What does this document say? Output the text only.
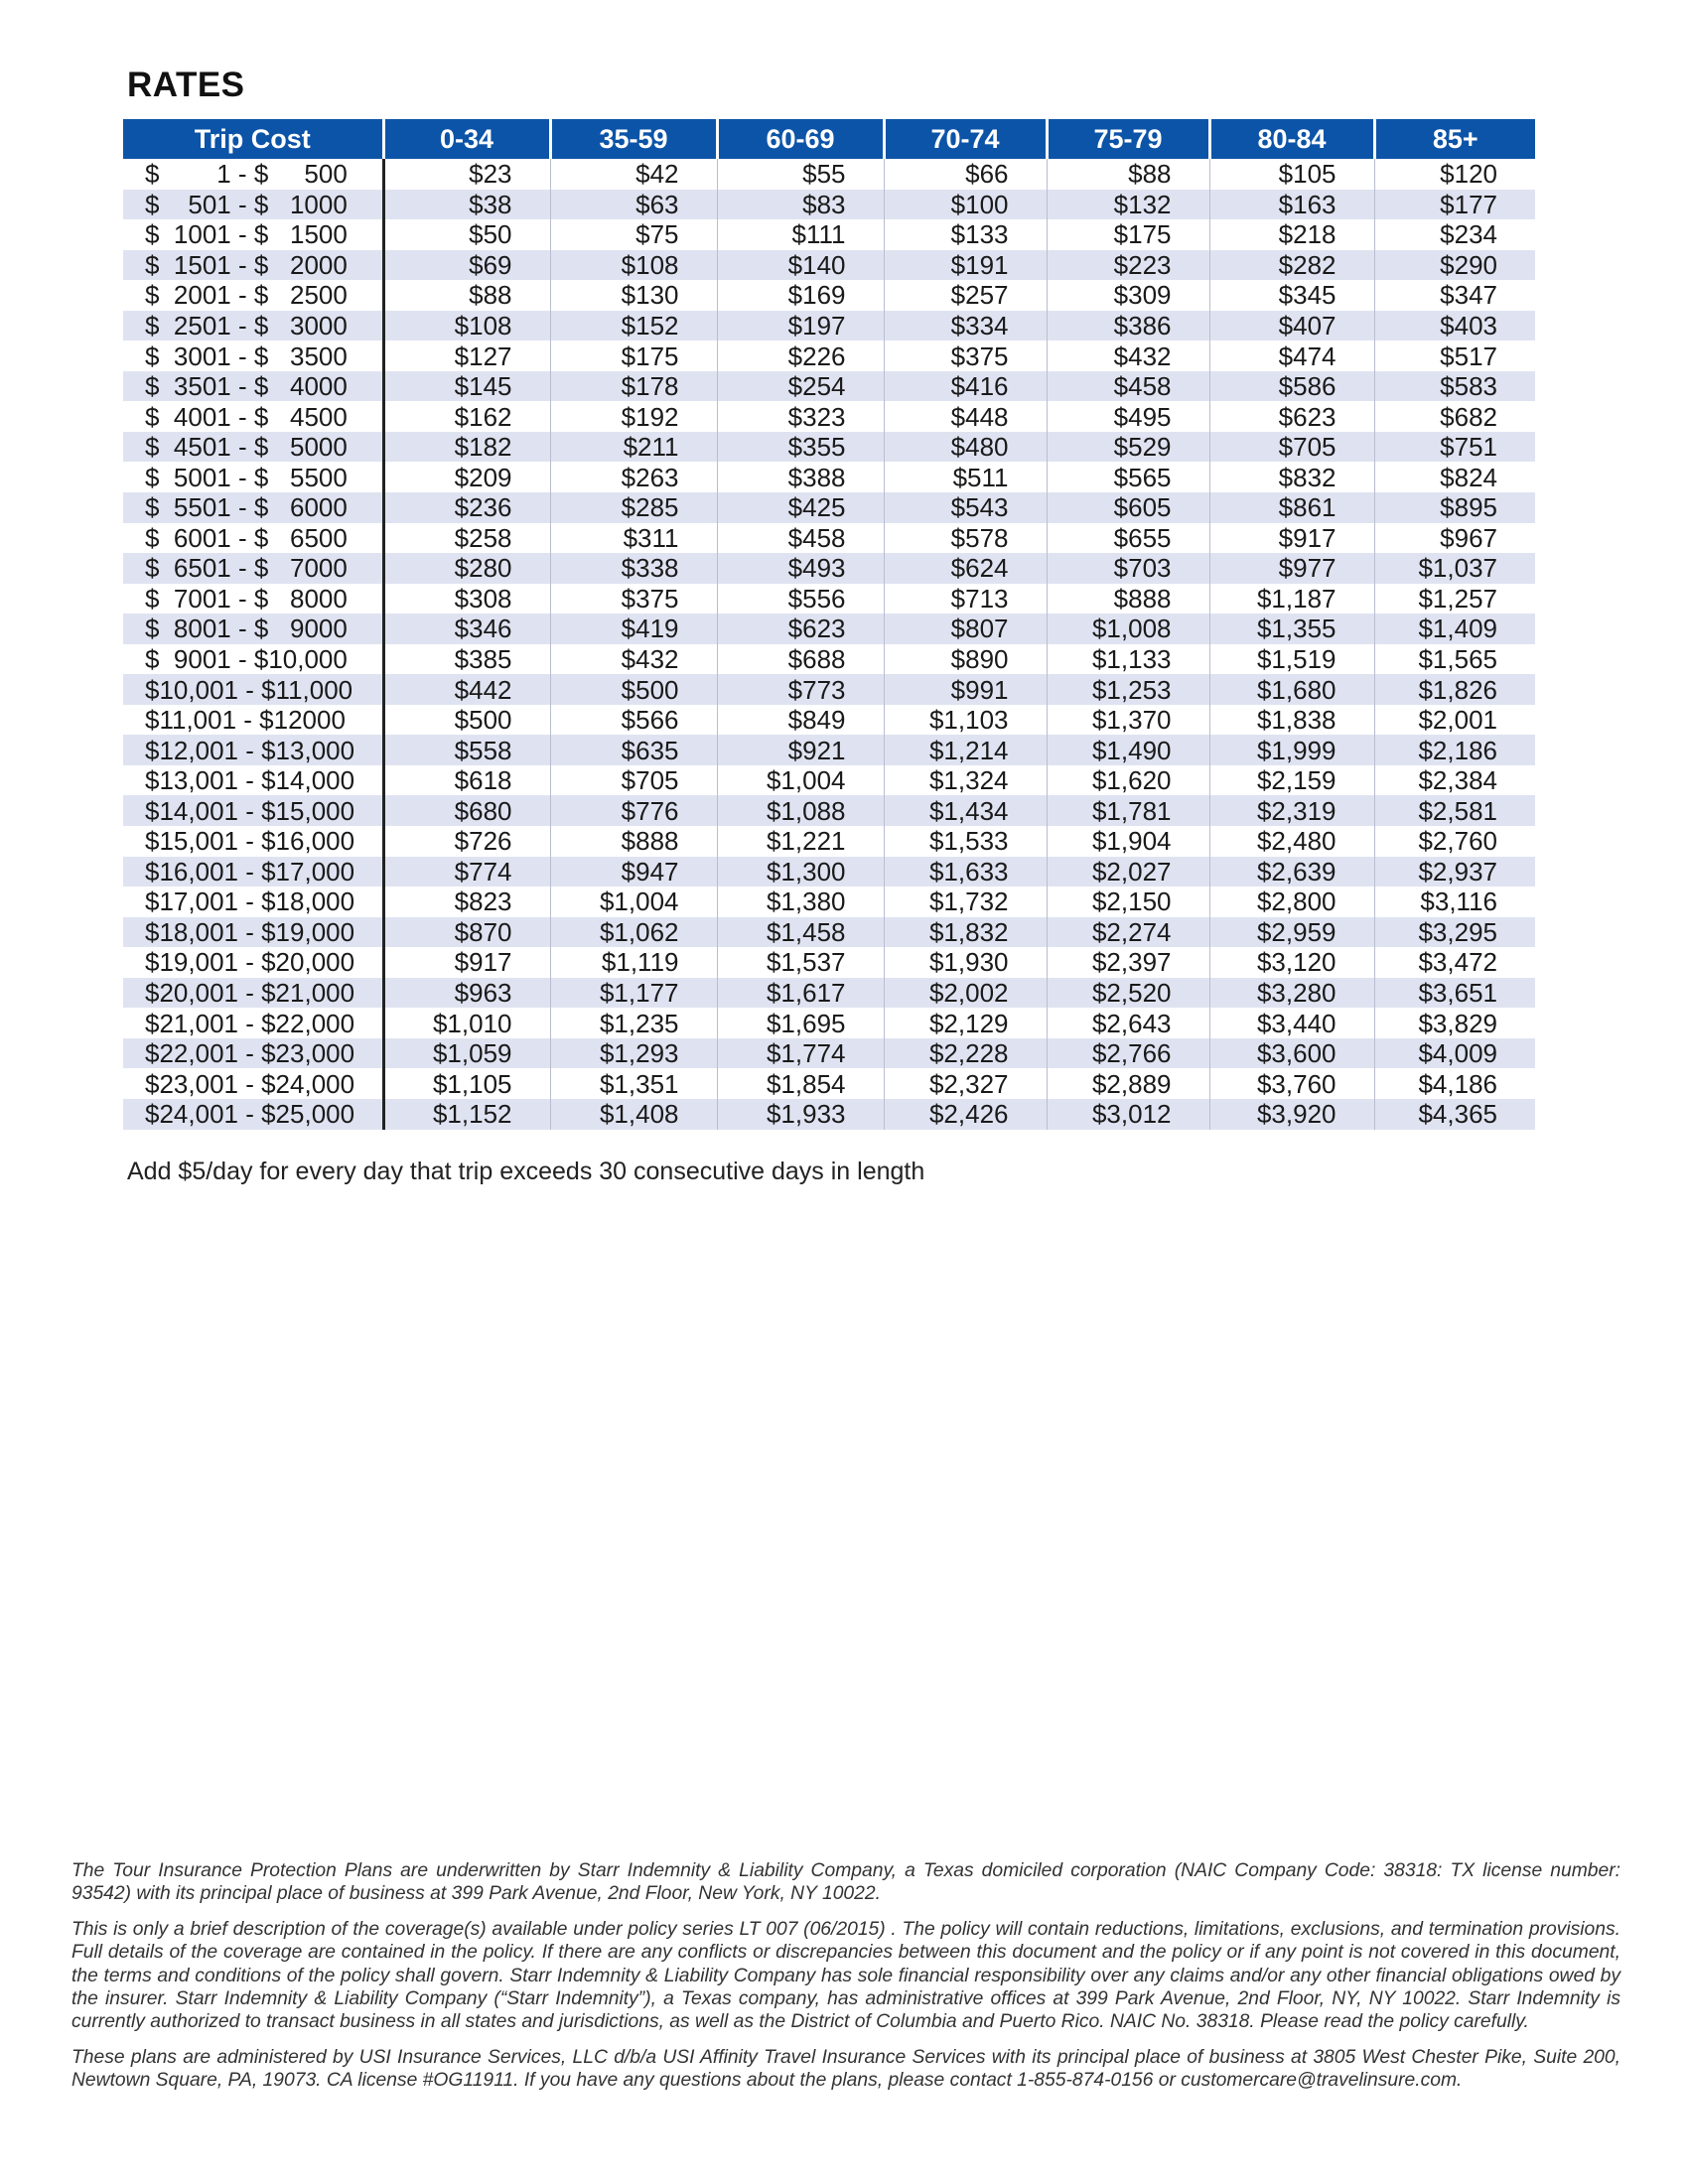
RATES
Trip Cost	0-34	35-59	60-69	70-74	75-79	80-84	85+
$        1 - $     500	$23	$42	$55	$66	$88	$105	$120
$    501 - $   1000	$38	$63	$83	$100	$132	$163	$177
$  1001 - $   1500	$50	$75	$111	$133	$175	$218	$234
$  1501 - $   2000	$69	$108	$140	$191	$223	$282	$290
$  2001 - $   2500	$88	$130	$169	$257	$309	$345	$347
$  2501 - $   3000	$108	$152	$197	$334	$386	$407	$403
$  3001 - $   3500	$127	$175	$226	$375	$432	$474	$517
$  3501 - $   4000	$145	$178	$254	$416	$458	$586	$583
$  4001 - $   4500	$162	$192	$323	$448	$495	$623	$682
$  4501 - $   5000	$182	$211	$355	$480	$529	$705	$751
$  5001 - $   5500	$209	$263	$388	$511	$565	$832	$824
$  5501 - $   6000	$236	$285	$425	$543	$605	$861	$895
$  6001 - $   6500	$258	$311	$458	$578	$655	$917	$967
$  6501 - $   7000	$280	$338	$493	$624	$703	$977	$1,037
$  7001 - $   8000	$308	$375	$556	$713	$888	$1,187	$1,257
$  8001 - $   9000	$346	$419	$623	$807	$1,008	$1,355	$1,409
$  9001 - $10,000	$385	$432	$688	$890	$1,133	$1,519	$1,565
$10,001 - $11,000	$442	$500	$773	$991	$1,253	$1,680	$1,826
$11,001 - $12000	$500	$566	$849	$1,103	$1,370	$1,838	$2,001
$12,001 - $13,000	$558	$635	$921	$1,214	$1,490	$1,999	$2,186
$13,001 - $14,000	$618	$705	$1,004	$1,324	$1,620	$2,159	$2,384
$14,001 - $15,000	$680	$776	$1,088	$1,434	$1,781	$2,319	$2,581
$15,001 - $16,000	$726	$888	$1,221	$1,533	$1,904	$2,480	$2,760
$16,001 - $17,000	$774	$947	$1,300	$1,633	$2,027	$2,639	$2,937
$17,001 - $18,000	$823	$1,004	$1,380	$1,732	$2,150	$2,800	$3,116
$18,001 - $19,000	$870	$1,062	$1,458	$1,832	$2,274	$2,959	$3,295
$19,001 - $20,000	$917	$1,119	$1,537	$1,930	$2,397	$3,120	$3,472
$20,001 - $21,000	$963	$1,177	$1,617	$2,002	$2,520	$3,280	$3,651
$21,001 - $22,000	$1,010	$1,235	$1,695	$2,129	$2,643	$3,440	$3,829
$22,001 - $23,000	$1,059	$1,293	$1,774	$2,228	$2,766	$3,600	$4,009
$23,001 - $24,000	$1,105	$1,351	$1,854	$2,327	$2,889	$3,760	$4,186
$24,001 - $25,000	$1,152	$1,408	$1,933	$2,426	$3,012	$3,920	$4,365
Add $5/day for every day that trip exceeds 30 consecutive days in length

The Tour Insurance Protection Plans are underwritten by Starr Indemnity & Liability Company, a Texas domiciled corporation (NAIC Company Code: 38318: TX license number: 93542) with its principal place of business at 399 Park Avenue, 2nd Floor, New York, NY 10022.

This is only a brief description of the coverage(s) available under policy series LT 007 (06/2015) . The policy will contain reductions, limitations, exclusions, and termination provisions. Full details of the coverage are contained in the policy. If there are any conflicts or discrepancies between this document and the policy or if any point is not covered in this document, the terms and conditions of the policy shall govern. Starr Indemnity & Liability Company has sole financial responsibility over any claims and/or any other financial obligations owed by the insurer. Starr Indemnity & Liability Company (“Starr Indemnity”), a Texas company, has administrative offices at 399 Park Avenue, 2nd Floor, NY, NY 10022. Starr Indemnity is currently authorized to transact business in all states and jurisdictions, as well as the District of Columbia and Puerto Rico. NAIC No. 38318. Please read the policy carefully.

These plans are administered by USI Insurance Services, LLC d/b/a USI Affinity Travel Insurance Services with its principal place of business at 3805 West Chester Pike, Suite 200, Newtown Square, PA, 19073. CA license #OG11911. If you have any questions about the plans, please contact 1-855-874-0156 or customercare@travelinsure.com.
